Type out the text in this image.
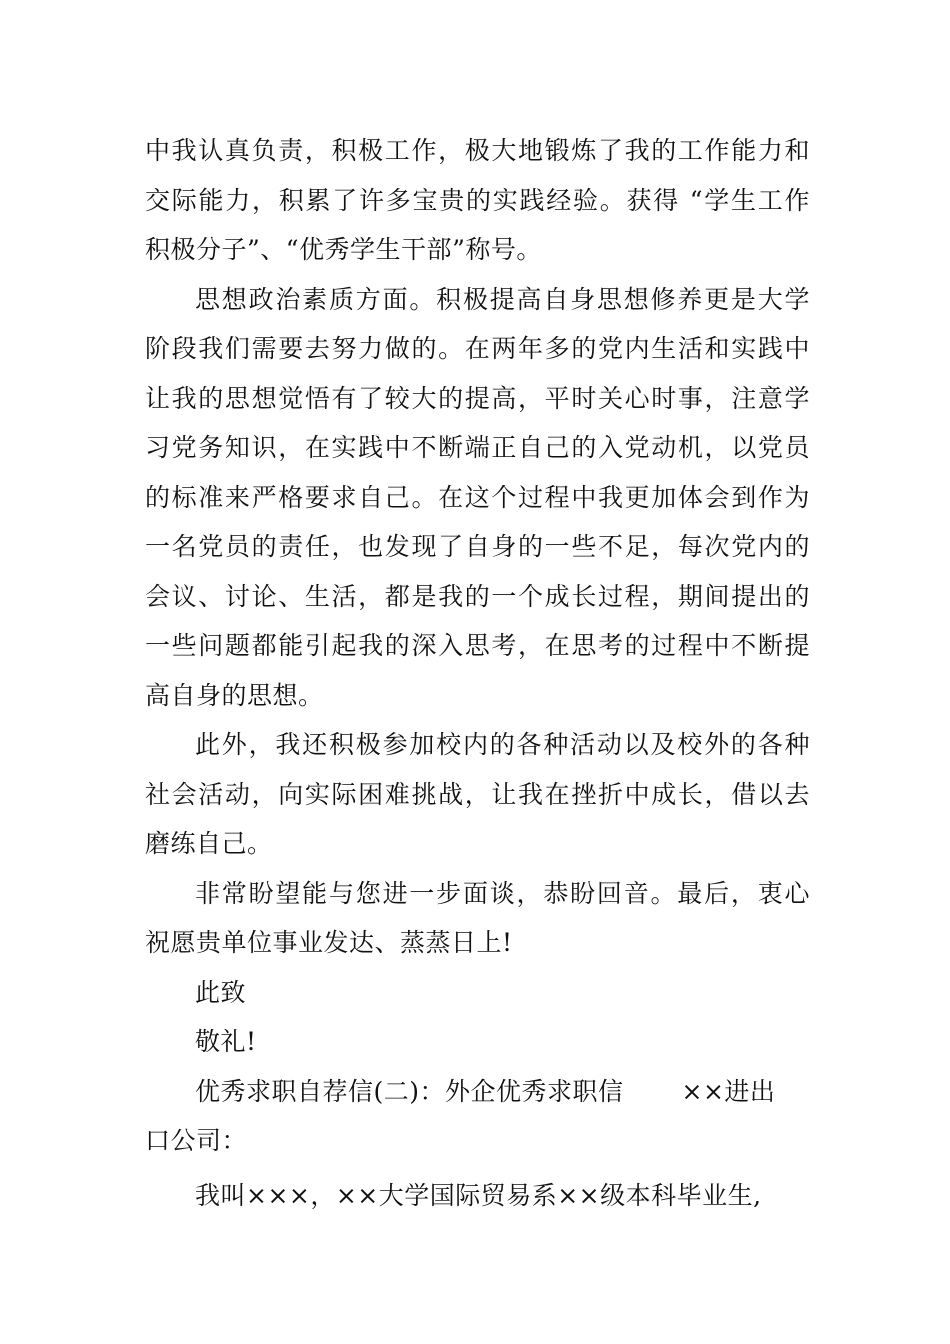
中我认真负责，积极工作，极大地锻炼了我的工作能力和
交际能力，积累了许多宝贵的实践经验。获得 “学生工作
积极分子”、“优秀学生干部”称号。

思想政治素质方面。积极提高自身思想修养更是大学
阶段我们需要去努力做的。在两年多的党内生活和实践中
让我的思想觉悟有了较大的提高，平时关心时事，注意学
习党务知识，在实践中不断端正自己的入党动机，以党员
的标准来严格要求自己。在这个过程中我更加体会到作为
一名党员的责任，也发现了自身的一些不足，每次党内的
会议、讨论、生活，都是我的一个成长过程，期间提出的
一些问题都能引起我的深入思考，在思考的过程中不断提
高自身的思想。

此外，我还积极参加校内的各种活动以及校外的各种
社会活动，向实际困难挑战，让我在挫折中成长，借以去
磨练自己。

非常盼望能与您进一步面谈，恭盼回音。最后，衷心
祝愿贵单位事业发达、蒸蒸日上!

此致
敬礼!

优秀求职自荐信(二)：外企优秀求职信 ××进出
口公司：

我叫×××，××大学国际贸易系××级本科毕业生,
